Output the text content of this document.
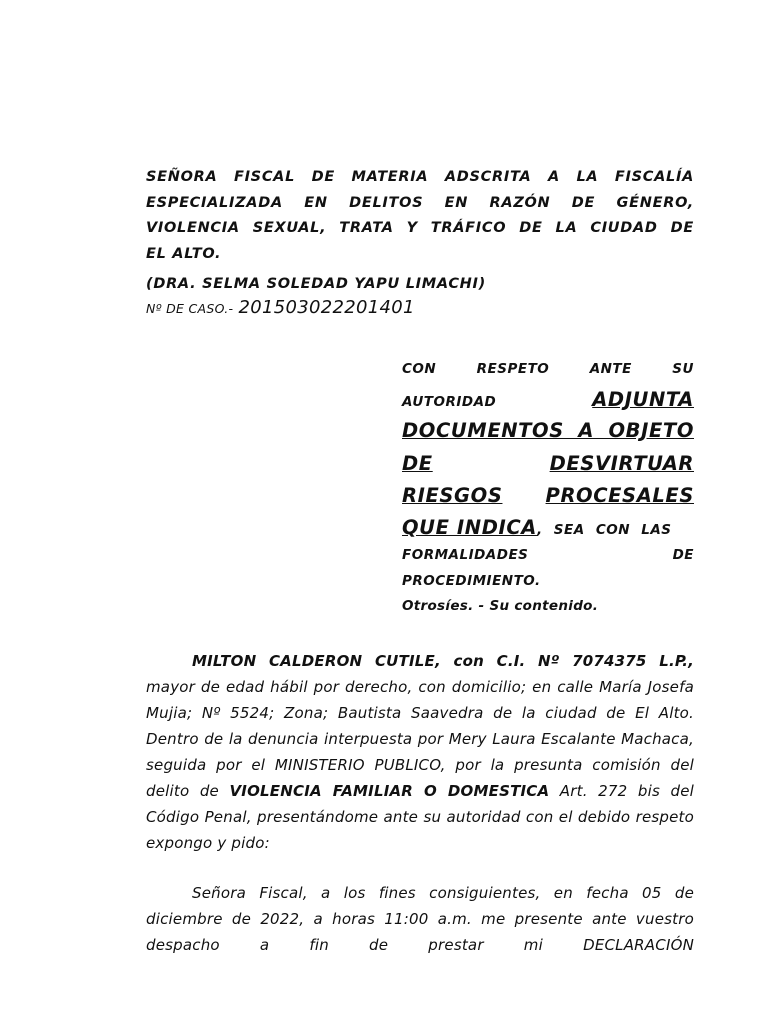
SEÑORA FISCAL DE MATERIA ADSCRITA A LA FISCALÍA
ESPECIALIZADA EN DELITOS EN RAZÓN DE GÉNERO,
VIOLENCIA SEXUAL, TRATA Y TRÁFICO DE LA CIUDAD DE
EL ALTO.
(DRA. SELMA SOLEDAD YAPU LIMACHI)
Nº DE CASO.- 201503022201401
CON	RESPETO	ANTE	SU
AUTORIDAD	ADJUNTA
DOCUMENTOS A OBJETO
DE	DESVIRTUAR
RIESGOS PROCESALES
QUE INDICA, SEA CON LAS
FORMALIDADES	DE
PROCEDIMIENTO.
Otrosíes. - Su contenido.
MILTON CALDERON CUTILE, con C.I. Nº 7074375 L.P., mayor de edad hábil por derecho, con domicilio; en calle María Josefa Mujia; Nº 5524; Zona; Bautista Saavedra de la ciudad de El Alto. Dentro de la denuncia interpuesta por Mery Laura Escalante Machaca, seguida por el MINISTERIO PUBLICO, por la presunta comisión del delito de VIOLENCIA FAMILIAR O DOMESTICA Art. 272 bis del Código Penal, presentándome ante su autoridad con el debido respeto expongo y pido:
Señora Fiscal, a los fines consiguientes, en fecha 05 de diciembre de 2022, a horas 11:00 a.m. me presente ante vuestro despacho a fin de prestar mi DECLARACIÓN
